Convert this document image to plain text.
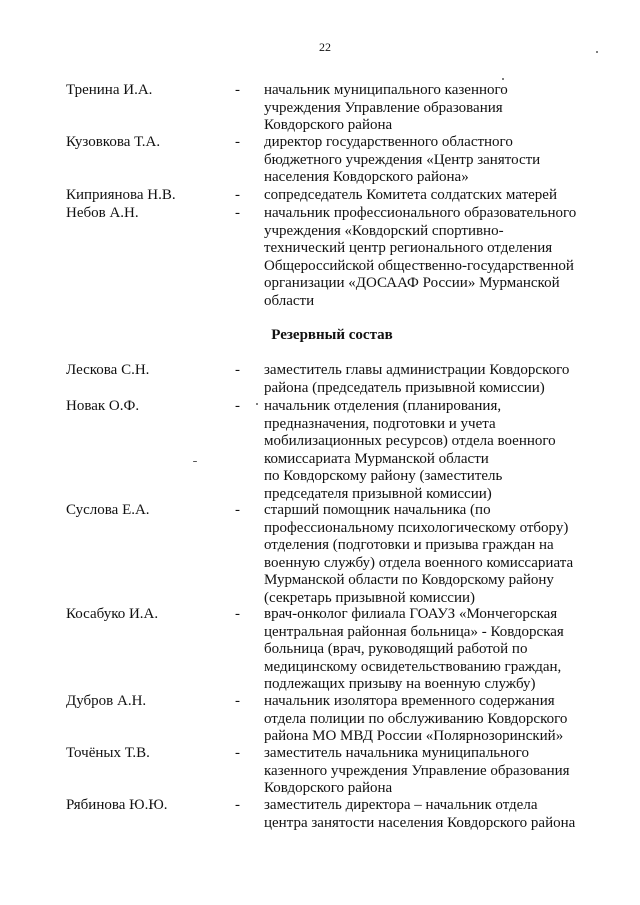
22
Тренина И.А.	- начальник муниципального казенного
учреждения Управление образования
Ковдорского района
Кузовкова Т.А.	- директор государственного областного
бюджетного учреждения «Центр занятости
населения Ковдорского района»
Киприянова Н.В.	- сопредседатель Комитета солдатских матерей
Небов А.Н.	- начальник профессионального образовательного
учреждения «Ковдорский спортивно-
технический центр регионального отделения
Общероссийской общественно-государственной
организации «ДОСААФ России» Мурманской
области
Резервный состав
Лескова С.Н.	- заместитель главы администрации Ковдорского
района (председатель призывной комиссии)
Новак О.Ф.	- начальник отделения (планирования,
предназначения, подготовки и учета
мобилизационных ресурсов) отдела военного
комиссариата Мурманской области
по Ковдорскому району (заместитель
председателя призывной комиссии)
Суслова Е.А.	- старший помощник начальника (по
профессиональному психологическому отбору)
отделения (подготовки и призыва граждан на
военную службу) отдела военного комиссариата
Мурманской области по Ковдорскому району
(секретарь призывной комиссии)
Косабуко И.А.	- врач-онколог филиала ГОАУЗ «Мончегорская
центральная районная больница» - Ковдорская
больница (врач, руководящий работой по
медицинскому освидетельствованию граждан,
подлежащих призыву на военную службу)
Дубров А.Н.	- начальник изолятора временного содержания
отдела полиции по обслуживанию Ковдорского
района МО МВД России «Полярнозоринский»
Точёных Т.В.	- заместитель начальника муниципального
казенного учреждения Управление образования
Ковдорского района
Рябинова Ю.Ю.	- заместитель директора – начальник отдела
центра занятости населения Ковдорского района
